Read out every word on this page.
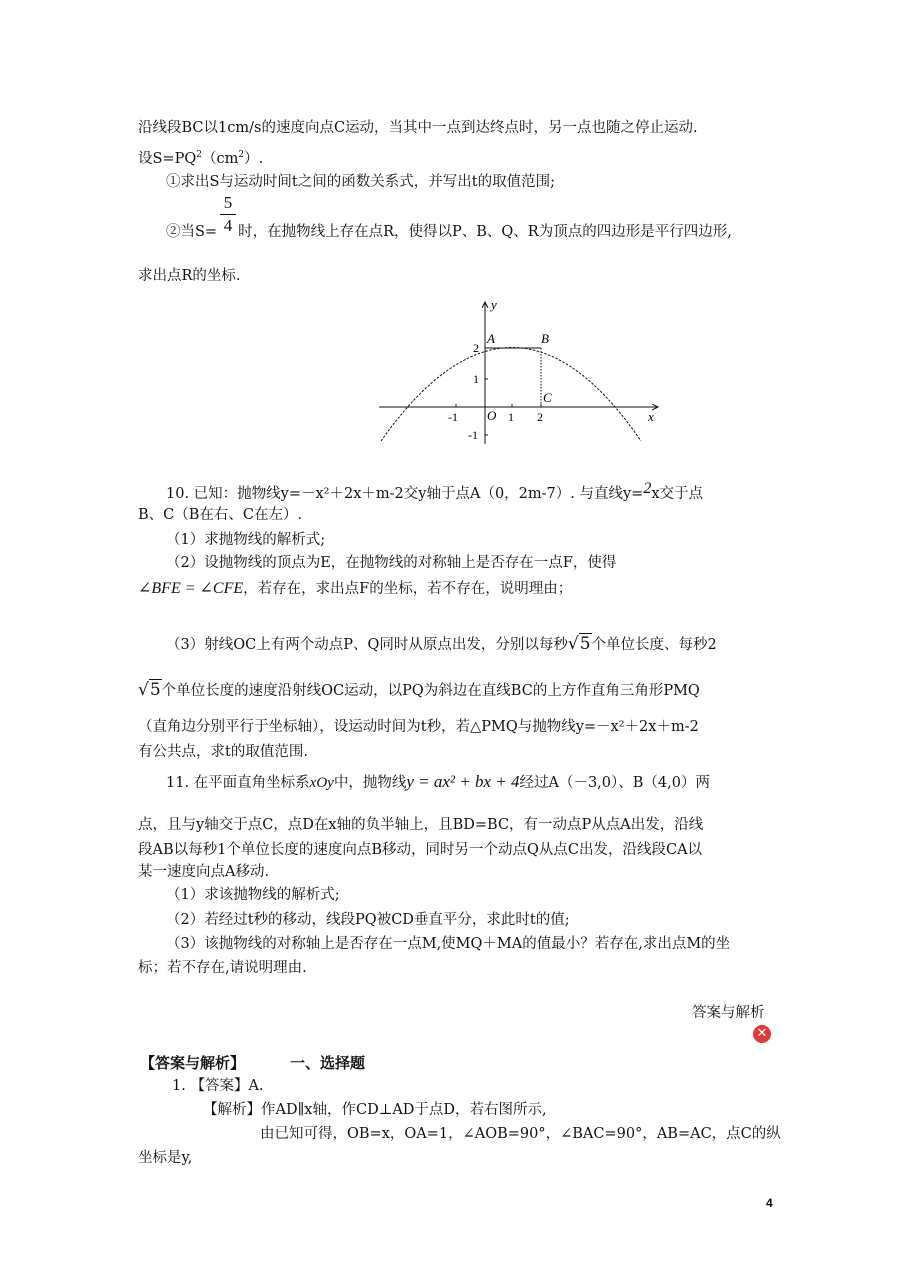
沿线段BC以1cm/s的速度向点C运动，当其中一点到达终点时，另一点也随之停止运动.
设$S=PQ^2(cm^2)$.
①求出S与运动时间t之间的函数关系式，并写出t的取值范围;
5
4
②当S= 时，在抛物线上存在点R，使得以P、B、Q、R为顶点的四边形是平行四边形,
求出点R的坐标.
y
x
A	B
C
O
-1	1 2
2
1
-1
10. 已知：抛物线y=－x²＋2x＋m-2交y轴于点A（0，2m-7）. 与直线y=2x交于点
B、C（B在右、C在左）.
（1）求抛物线的解析式;
（2）设抛物线的顶点为E，在抛物线的对称轴上是否存在一点F，使得
∠BFE = ∠CFE，若存在，求出点F的坐标，若不存在，说明理由；
（3）射线OC上有两个动点P、Q同时从原点出发，分别以每秒√5个单位长度、每秒2
√5个单位长度的速度沿射线OC运动，以PQ为斜边在直线BC的上方作直角三角形PMQ
（直角边分别平行于坐标轴），设运动时间为t秒，若△PMQ与抛物线y=－x²＋2x＋m-2
有公共点，求t的取值范围.
11. 在平面直角坐标系xOy中，抛物线y = ax² + bx + 4经过A（－3,0）、B（4,0）两
点，且与y轴交于点C，点D在x轴的负半轴上，且BD=BC，有一动点P从点A出发，沿线
段AB以每秒1个单位长度的速度向点B移动，同时另一个动点Q从点C出发，沿线段CA以
某一速度向点A移动.
（1）求该抛物线的解析式;
（2）若经过t秒的移动，线段PQ被CD垂直平分，求此时t的值;
（3）该抛物线的对称轴上是否存在一点M,使MQ＋MA的值最小？若存在,求出点M的坐
标；若不存在,请说明理由.
答案与解析
✕
【答案与解析】	一、选择题
1. 【答案】A.
【解析】作AD∥x轴，作CD⊥AD于点D，若右图所示,
由已知可得，OB=x，OA=1，∠AOB=90°，∠BAC=90°，AB=AC，点C的纵
坐标是y,
4
